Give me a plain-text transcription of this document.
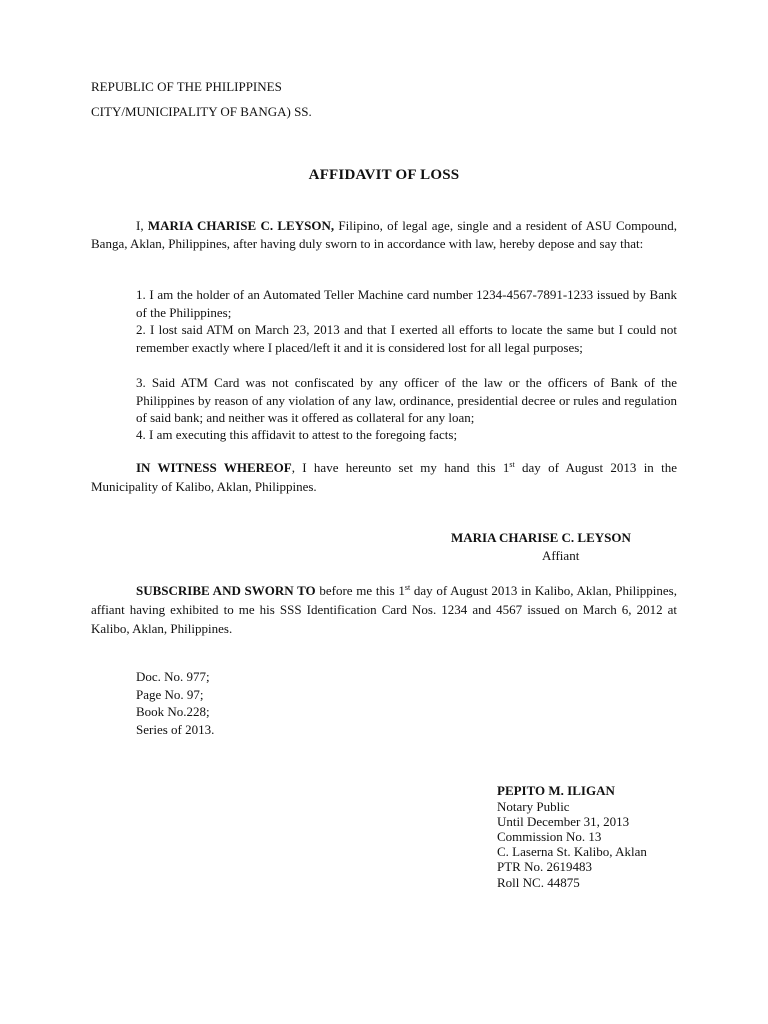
REPUBLIC OF THE PHILIPPINES
CITY/MUNICIPALITY OF BANGA) SS.
AFFIDAVIT OF LOSS
I, MARIA CHARISE C. LEYSON, Filipino, of legal age, single and a resident of ASU Compound, Banga, Aklan, Philippines, after having duly sworn to in accordance with law, hereby depose and say that:
1. I am the holder of an Automated Teller Machine card number 1234-4567-7891-1233 issued by Bank of the Philippines;
2. I lost said ATM on March 23, 2013 and that I exerted all efforts to locate the same but I could not remember exactly where I placed/left it and it is considered lost for all legal purposes;
3. Said ATM Card was not confiscated by any officer of the law or the officers of Bank of the Philippines by reason of any violation of any law, ordinance, presidential decree or rules and regulation of said bank; and neither was it offered as collateral for any loan;
4. I am executing this affidavit to attest to the foregoing facts;
IN WITNESS WHEREOF, I have hereunto set my hand this 1st day of August 2013 in the Municipality of Kalibo, Aklan, Philippines.
MARIA CHARISE C. LEYSON
Affiant
SUBSCRIBE AND SWORN TO before me this 1st day of August 2013 in Kalibo, Aklan, Philippines, affiant having exhibited to me his SSS Identification Card Nos. 1234 and 4567 issued on March 6, 2012 at Kalibo, Aklan, Philippines.
Doc. No. 977;
Page No. 97;
Book No.228;
Series of 2013.
PEPITO M. ILIGAN
Notary Public
Until December 31, 2013
Commission No. 13
C. Laserna St. Kalibo, Aklan
PTR No. 2619483
Roll NC. 44875
